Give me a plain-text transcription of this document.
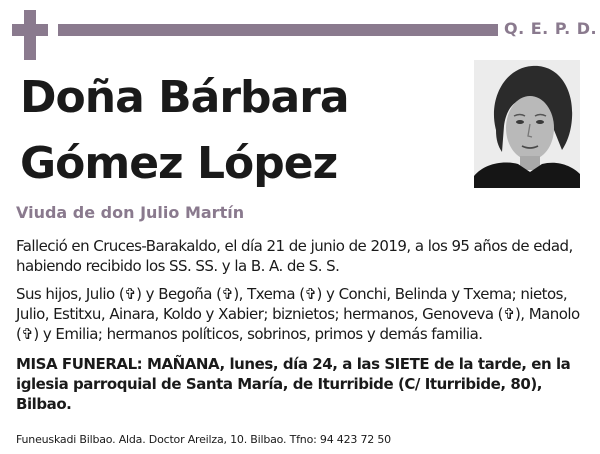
Q. E. P. D.
Doña Bárbara
Gómez López
Viuda de don Julio Martín

Falleció en Cruces-Barakaldo, el día 21 de junio de 2019, a los 95 años de edad, habiendo recibido los SS. SS. y la B. A. de S. S.

Sus hijos, Julio (✞) y Begoña (✞), Txema (✞) y Conchi, Belinda y Txema; nietos, Julio, Estitxu, Ainara, Koldo y Xabier; biznietos; hermanos, Genoveva (✞), Manolo (✞) y Emilia; hermanos políticos, sobrinos, primos y demás familia.

MISA FUNERAL: MAÑANA, lunes, día 24, a las SIETE de la tarde, en la iglesia parroquial de Santa María, de Iturribide (C/ Iturribide, 80), Bilbao.

Funeuskadi Bilbao. Alda. Doctor Areilza, 10. Bilbao. Tfno: 94 423 72 50
